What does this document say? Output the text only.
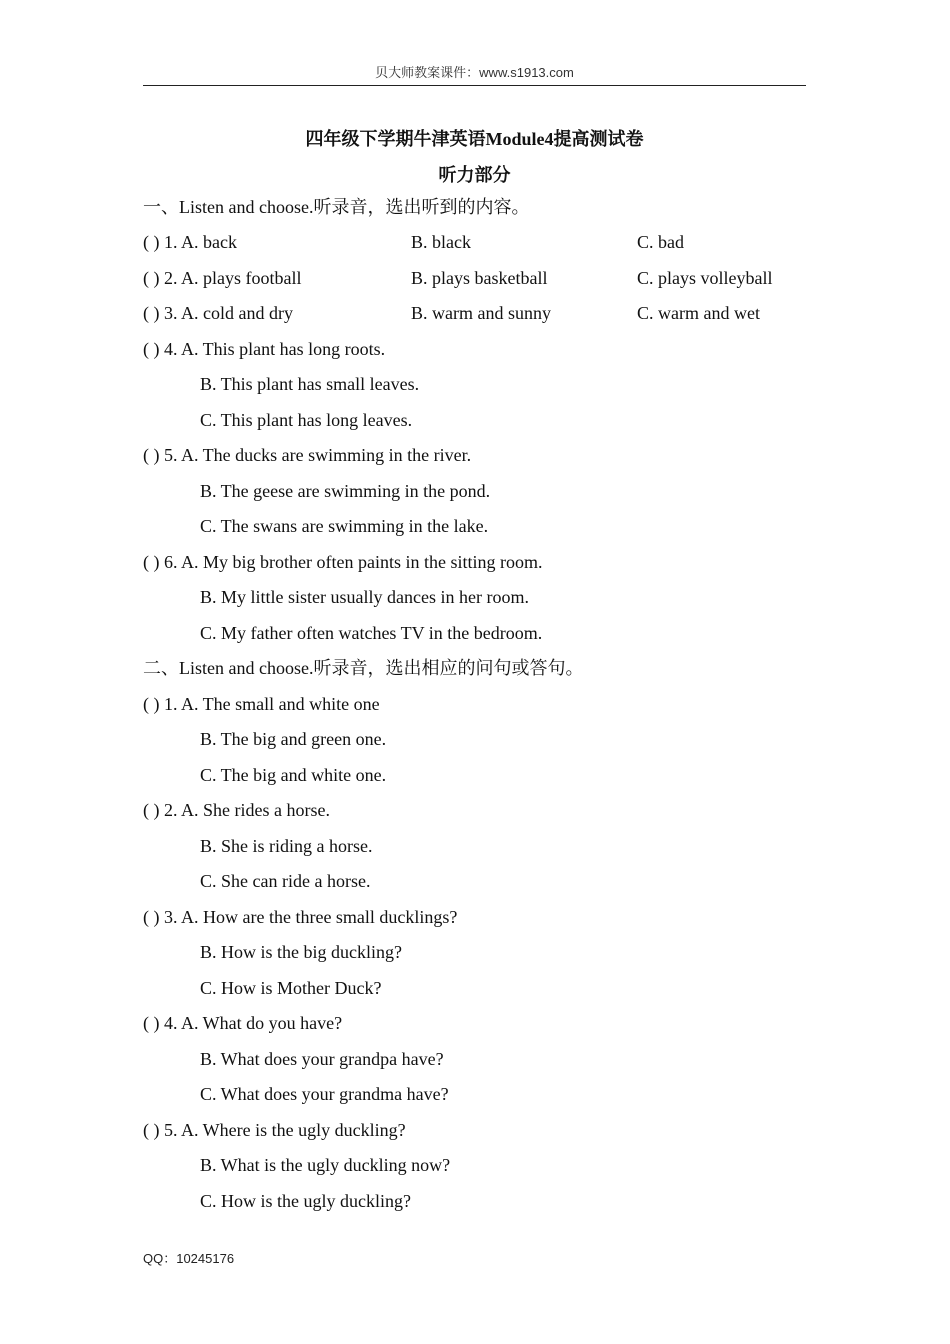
贝大师教案课件：www.s1913.com
四年级下学期牛津英语Module4提高测试卷
听力部分
一、Listen and choose.听录音，选出听到的内容。
( ) 1. A. back	B. black	C. bad
( ) 2. A. plays football	B. plays basketball	C. plays volleyball
( ) 3. A. cold and dry	B. warm and sunny	C. warm and wet
( ) 4. A. This plant has long roots.
B. This plant has small leaves.
C. This plant has long leaves.
( ) 5. A. The ducks are swimming in the river.
B. The geese are swimming in the pond.
C. The swans are swimming in the lake.
( ) 6. A. My big brother often paints in the sitting room.
B. My little sister usually dances in her room.
C. My father often watches TV in the bedroom.
二、Listen and choose.听录音，选出相应的问句或答句。
( ) 1. A. The small and white one
B. The big and green one.
C. The big and white one.
( ) 2. A. She rides a horse.
B. She is riding a horse.
C. She can ride a horse.
( ) 3. A. How are the three small ducklings?
B. How is the big duckling?
C. How is Mother Duck?
( ) 4. A. What do you have?
B. What does your grandpa have?
C. What does your grandma have?
( ) 5. A. Where is the ugly duckling?
B. What is the ugly duckling now?
C. How is the ugly duckling?
QQ：10245176
